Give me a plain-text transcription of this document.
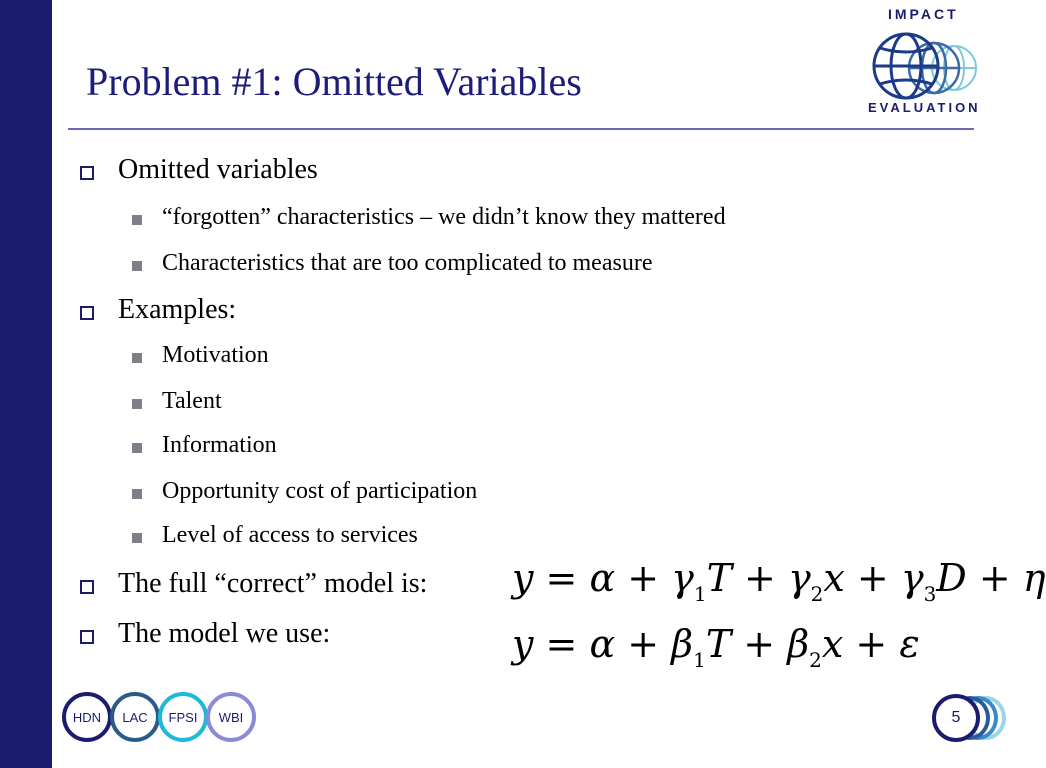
Problem #1: Omitted Variables
IMPACT
EVALUATION
Omitted variables
“forgotten” characteristics – we didn’t know they mattered
Characteristics that are too complicated to measure
Examples:
Motivation
Talent
Information
Opportunity cost of participation
Level of access to services
The full “correct” model is:
The model we use:
$y = \alpha + \gamma_1T + \gamma_2x + \gamma_3D + \eta$
$y = \alpha + \beta_1T + \beta_2x + \varepsilon$
HDN LAC FPSI WBI	5
